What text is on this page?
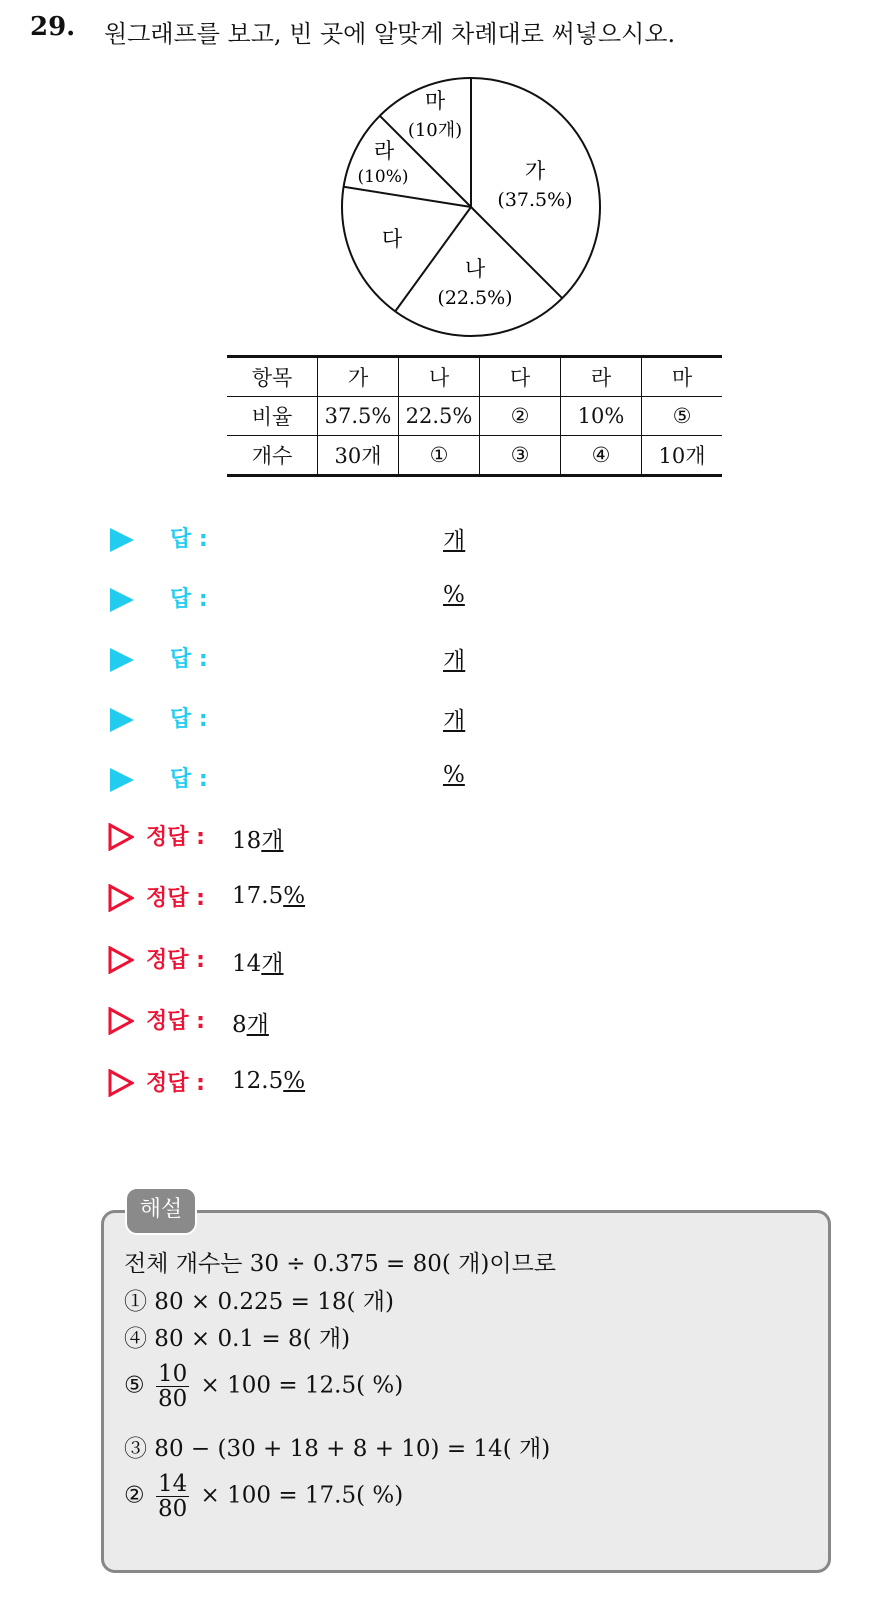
29. 원그래프를 보고, 빈 곳에 알맞게 차례대로 써넣으시오.
가
(37.5%)
나
(22.5%)
다
라
(10%)
마
(10개)
항목	가	나	다	라	마
비율	37.5%	22.5%	②	10%	⑤
개수	30개	①	③	④	10개
답 :	개
답 :	%
답 :	개
답 :	개
답 :	%
정답 : 18개
정답 : 17.5%
정답 : 14개
정답 : 8개
정답 : 12.5%
해설
전체 개수는 30 ÷ 0.375 = 80( 개)이므로
① 80 × 0.225 = 18( 개)
④ 80 × 0.1 = 8( 개)
⑤ $\frac{10}{80} \times 100 = 12.5$( %)
③ 80 − (30 + 18 + 8 + 10) = 14( 개)
② $\frac{14}{80} \times 100 = 17.5$( %)
